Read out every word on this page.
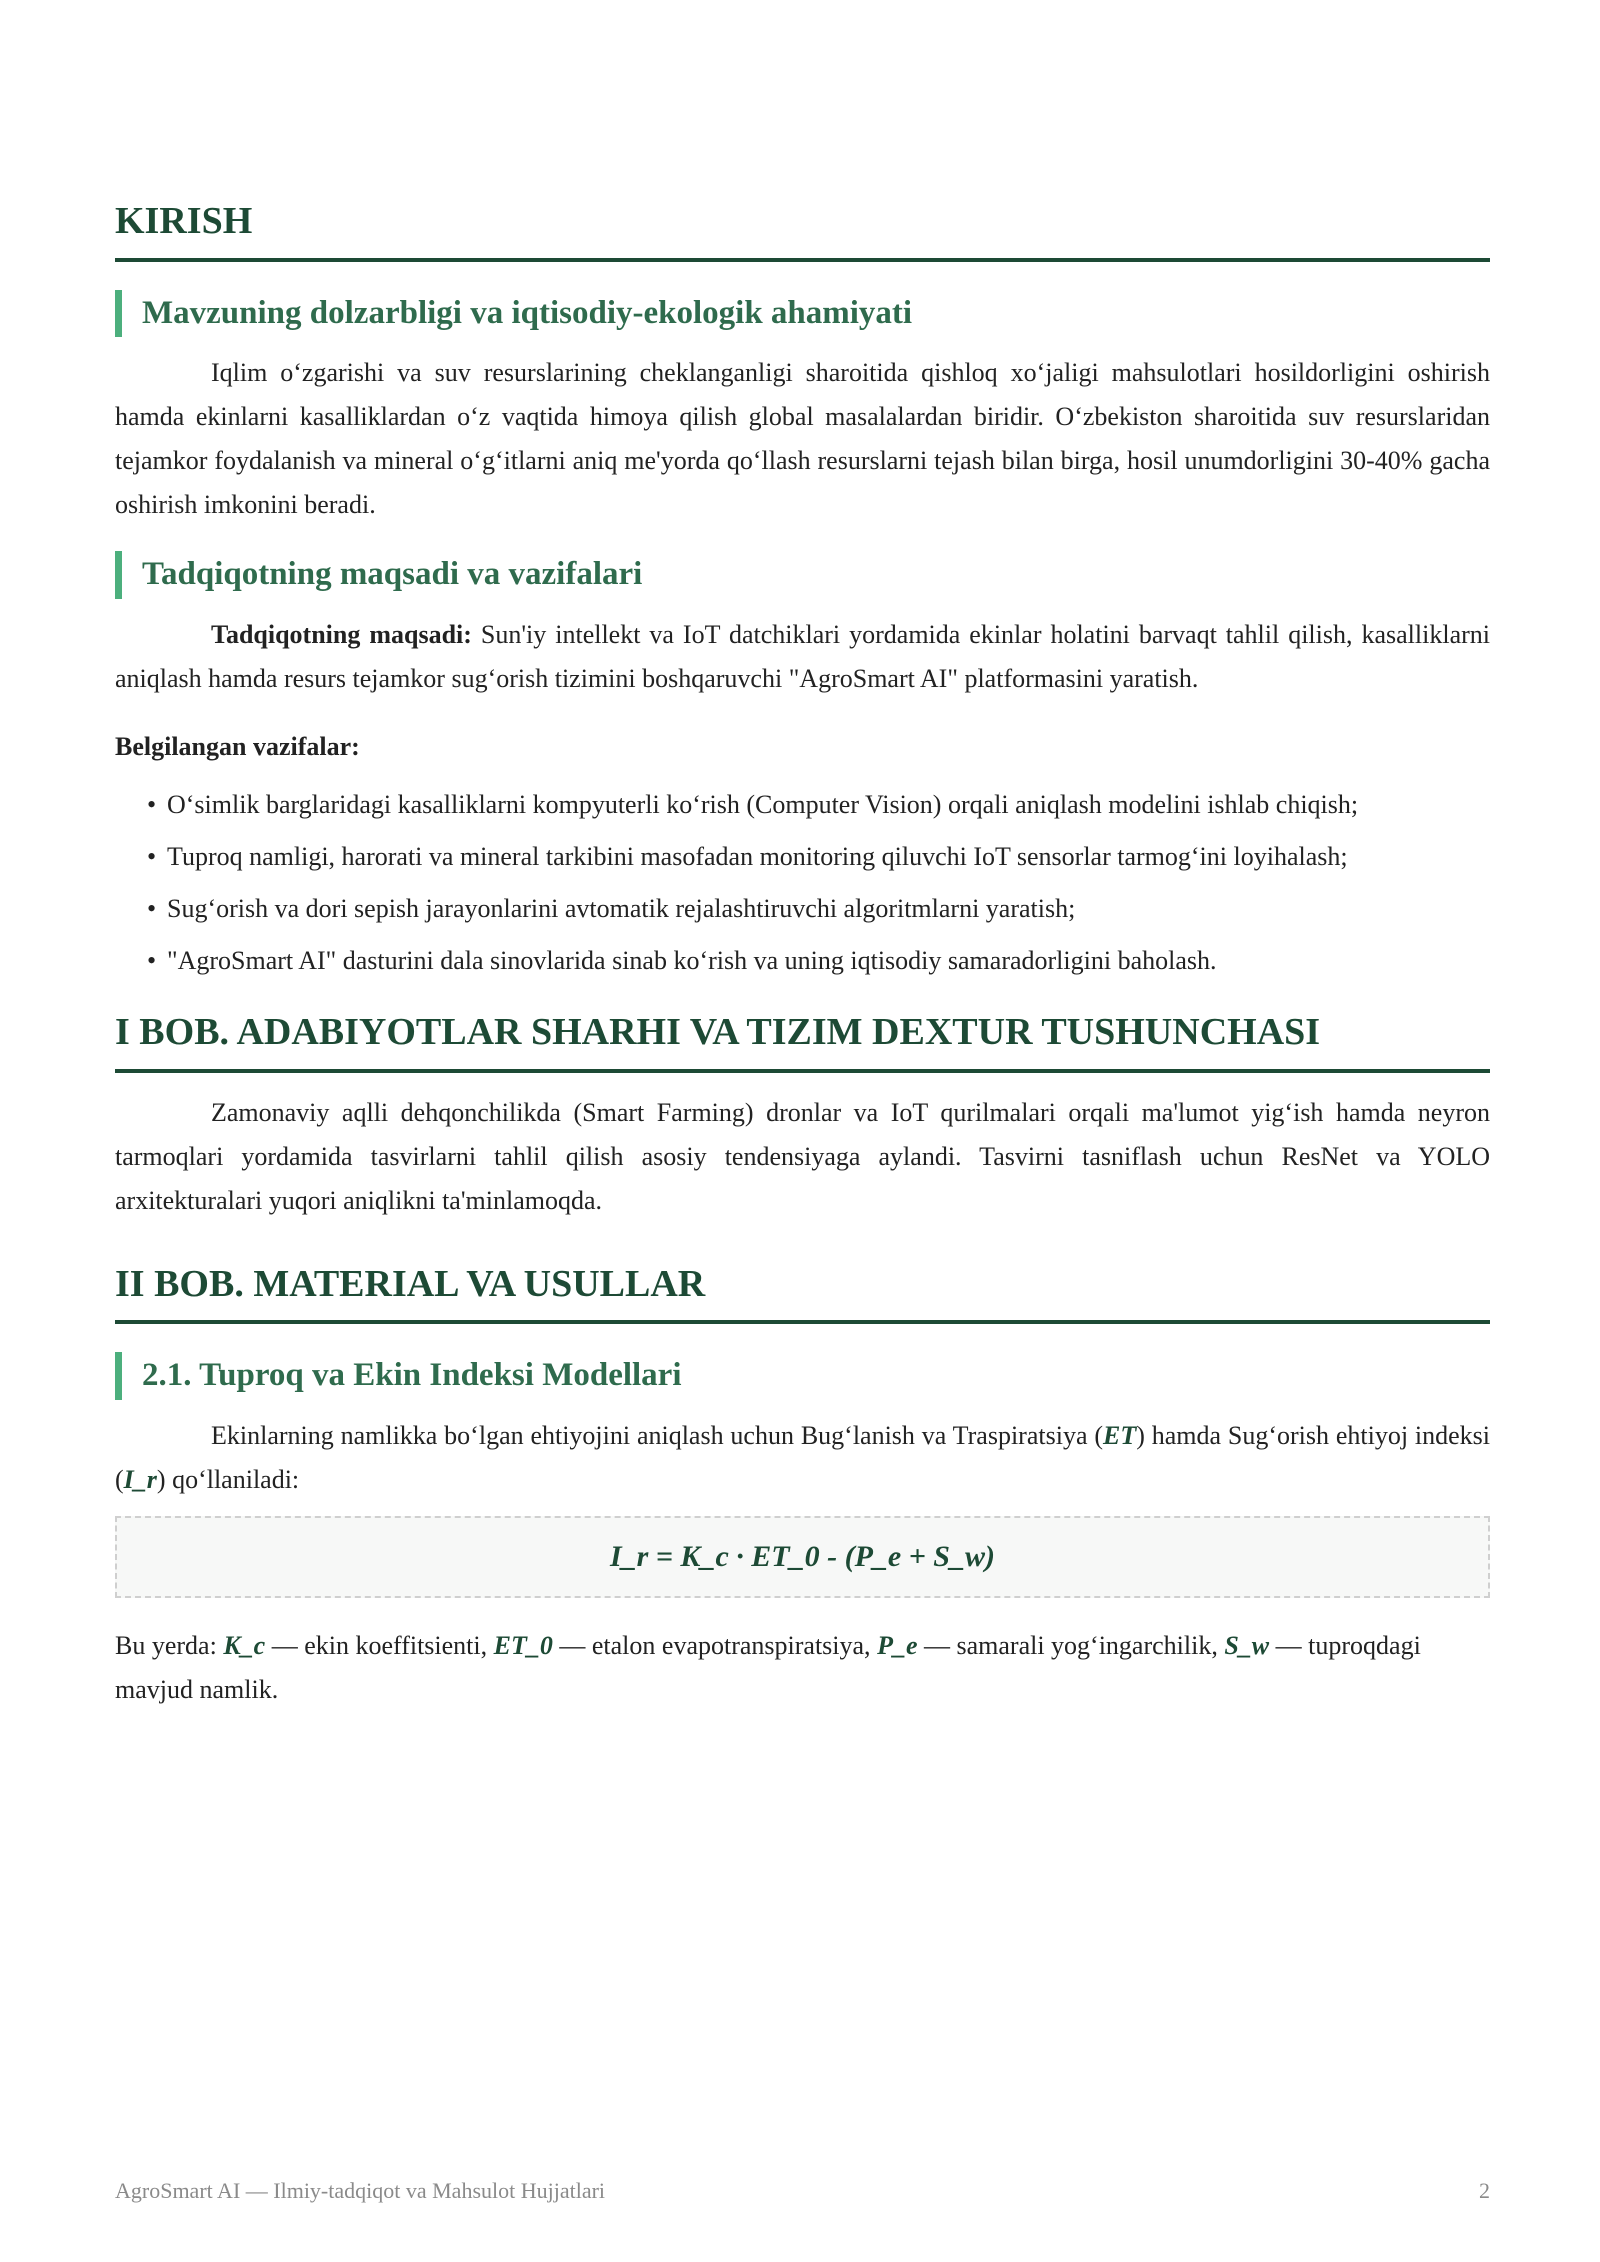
KIRISH
Mavzuning dolzarbligi va iqtisodiy-ekologik ahamiyati

Iqlim o‘zgarishi va suv resurslarining cheklanganligi sharoitida qishloq xo‘jaligi mahsulotlari hosildorligini oshirish hamda ekinlarni kasalliklardan o‘z vaqtida himoya qilish global masalalardan biridir. O‘zbekiston sharoitida suv resurslaridan tejamkor foydalanish va mineral o‘g‘itlarni aniq me'yorda qo‘llash resurslarni tejash bilan birga, hosil unumdorligini 30-40% gacha oshirish imkonini beradi.

Tadqiqotning maqsadi va vazifalari

Tadqiqotning maqsadi: Sun'iy intellekt va IoT datchiklari yordamida ekinlar holatini barvaqt tahlil qilish, kasalliklarni aniqlash hamda resurs tejamkor sug‘orish tizimini boshqaruvchi "AgroSmart AI" platformasini yaratish.

Belgilangan vazifalar:

• O‘simlik barglaridagi kasalliklarni kompyuterli ko‘rish (Computer Vision) orqali aniqlash modelini ishlab chiqish;
• Tuproq namligi, harorati va mineral tarkibini masofadan monitoring qiluvchi IoT sensorlar tarmog‘ini loyihalash;
• Sug‘orish va dori sepish jarayonlarini avtomatik rejalashtiruvchi algoritmlarni yaratish;
• "AgroSmart AI" dasturini dala sinovlarida sinab ko‘rish va uning iqtisodiy samaradorligini baholash.
I BOB. ADABIYOTLAR SHARHI VA TIZIM DEXTUR TUSHUNCHASI

Zamonaviy aqlli dehqonchilikda (Smart Farming) dronlar va IoT qurilmalari orqali ma'lumot yig‘ish hamda neyron tarmoqlari yordamida tasvirlarni tahlil qilish asosiy tendensiyaga aylandi. Tasvirni tasniflash uchun ResNet va YOLO arxitekturalari yuqori aniqlikni ta'minlamoqda.

II BOB. MATERIAL VA USULLAR
2.1. Tuproq va Ekin Indeksi Modellari

Ekinlarning namlikka bo‘lgan ehtiyojini aniqlash uchun Bug‘lanish va Traspiratsiya (ET) hamda Sug‘orish ehtiyoj indeksi (I_r) qo‘llaniladi:

I_r = K_c · ET_0 - (P_e + S_w)

Bu yerda: K_c — ekin koeffitsienti, ET_0 — etalon evapotranspiratsiya, P_e — samarali yog‘ingarchilik, S_w — tuproqdagi mavjud namlik.

AgroSmart AI — Ilmiy-tadqiqot va Mahsulot Hujjatlari	2
